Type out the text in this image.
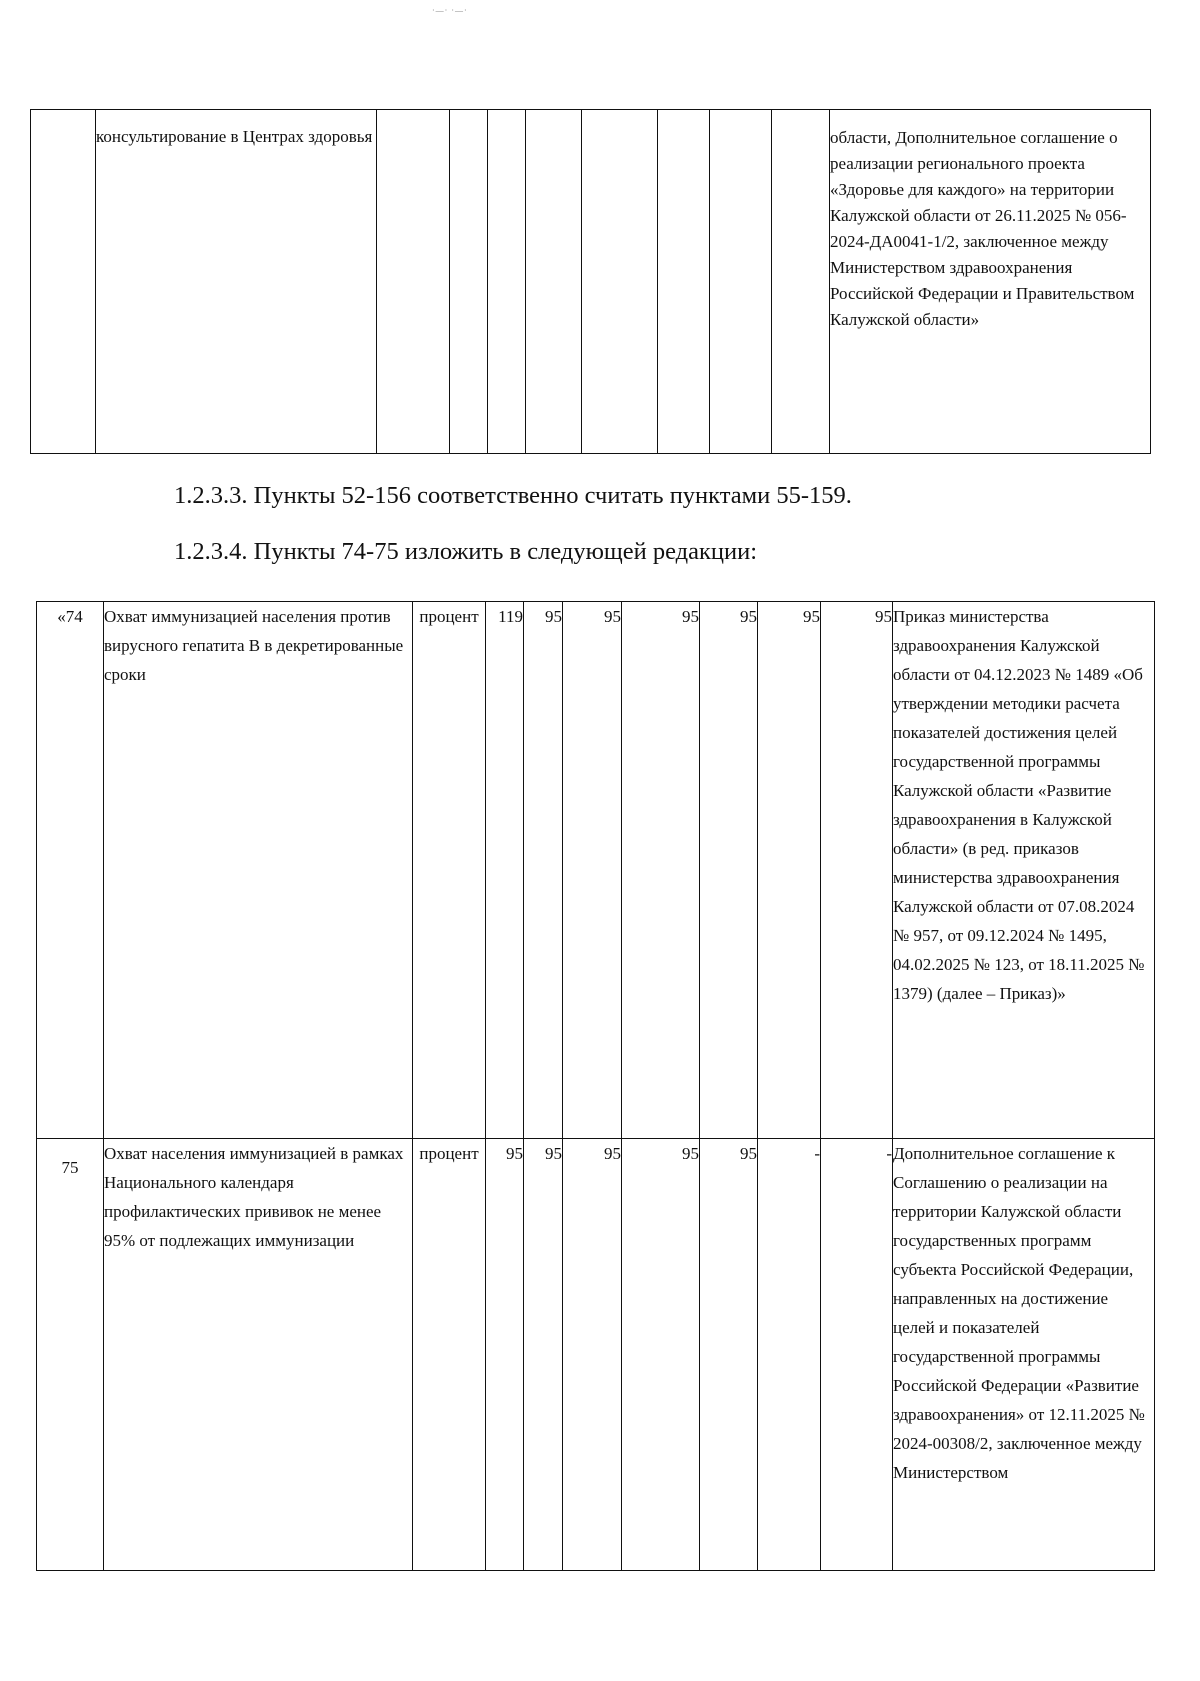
·—· ·—·
	консультирование в Центрах здоровья									области, Дополнительное соглашение о реализации регионального проекта «Здоровье для каждого» на территории Калужской области от 26.11.2025 № 056-2024-ДА0041-1/2, заключенное между Министерством здравоохранения Российской Федерации и Правительством Калужской области»
1.2.3.3. Пункты 52-156 соответственно считать пунктами 55-159.
1.2.3.4. Пункты 74-75 изложить в следующей редакции:
«74	Охват иммунизацией населения против вирусного гепатита В в декретированные сроки	процент	119	95	95	95	95	95	95	Приказ министерства здравоохранения Калужской области от 04.12.2023 № 1489 «Об утверждении методики расчета показателей достижения целей государственной программы Калужской области «Развитие здравоохранения в Калужской области» (в ред. приказов министерства здравоохранения Калужской области от 07.08.2024 № 957, от 09.12.2024 № 1495, 04.02.2025 № 123, от 18.11.2025 № 1379) (далее – Приказ)»
75	Охват населения иммунизацией в рамках Национального календаря профилактических прививок не менее 95% от подлежащих иммунизации	процент	95	95	95	95	95	-	-	Дополнительное соглашение к Соглашению о реализации на территории Калужской области государственных программ субъекта Российской Федерации, направленных на достижение целей и показателей государственной программы Российской Федерации «Развитие здравоохранения» от 12.11.2025 № 2024-00308/2, заключенное между Министерством
